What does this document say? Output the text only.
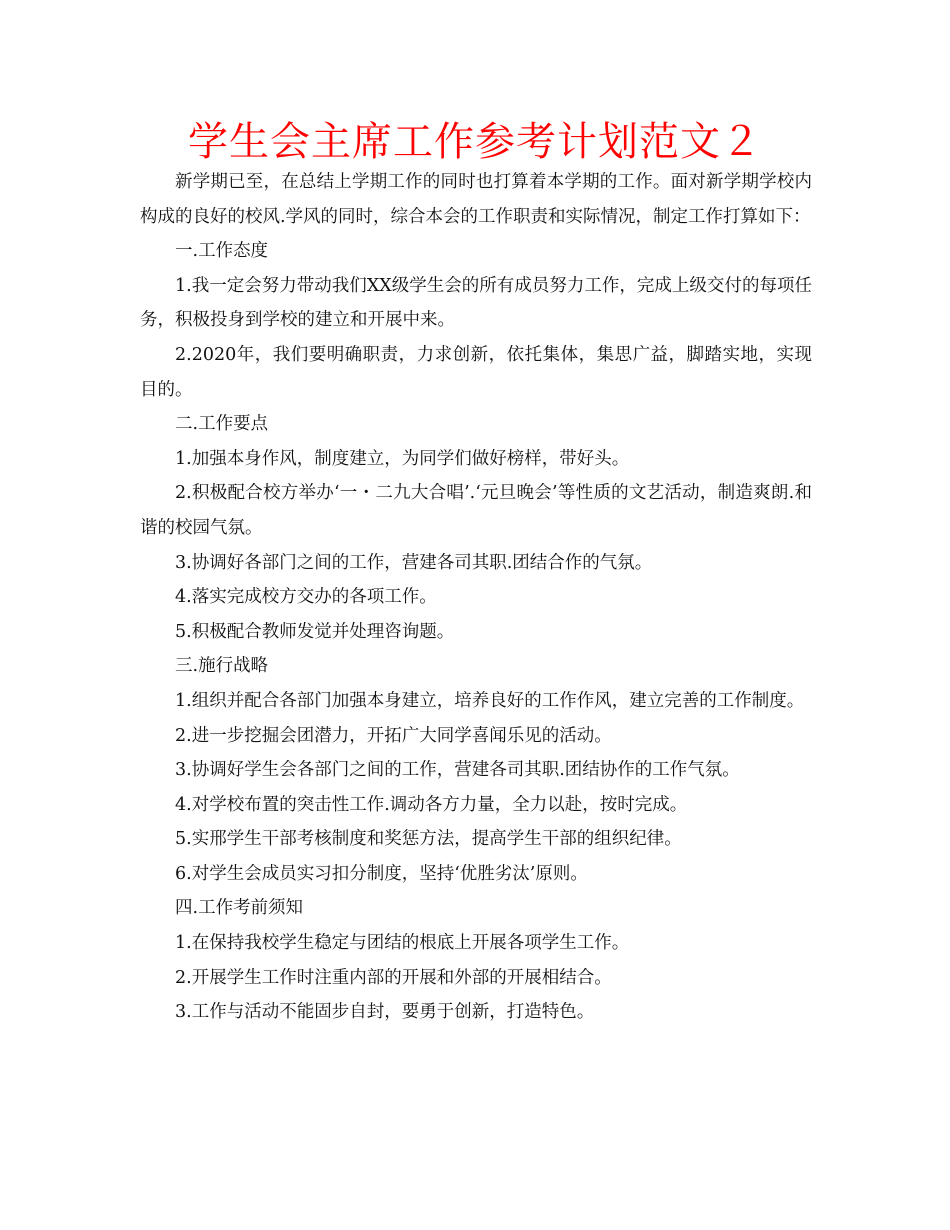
学生会主席工作参考计划范文２

新学期已至，在总结上学期工作的同时也打算着本学期的工作。面对新学期学校内构成的良好的校风.学风的同时，综合本会的工作职责和实际情况，制定工作打算如下：

一.工作态度

1.我一定会努力带动我们XX级学生会的所有成员努力工作，完成上级交付的每项任务，积极投身到学校的建立和开展中来。

2.2020年，我们要明确职责，力求创新，依托集体，集思广益，脚踏实地，实现目的。

二.工作要点

1.加强本身作风，制度建立，为同学们做好榜样，带好头。

2.积极配合校方举办‘一・二九大合唱’.‘元旦晚会’等性质的文艺活动，制造爽朗.和谐的校园气氛。

3.协调好各部门之间的工作，营建各司其职.团结合作的气氛。

4.落实完成校方交办的各项工作。

5.积极配合教师发觉并处理咨询题。

三.施行战略

1.组织并配合各部门加强本身建立，培养良好的工作作风，建立完善的工作制度。

2.进一步挖掘会团潜力，开拓广大同学喜闻乐见的活动。

3.协调好学生会各部门之间的工作，营建各司其职.团结协作的工作气氛。

4.对学校布置的突击性工作.调动各方力量，全力以赴，按时完成。

5.实邢学生干部考核制度和奖惩方法，提高学生干部的组织纪律。

6.对学生会成员实习扣分制度，坚持‘优胜劣汰’原则。

四.工作考前须知

1.在保持我校学生稳定与团结的根底上开展各项学生工作。

2.开展学生工作时注重内部的开展和外部的开展相结合。

3.工作与活动不能固步自封，要勇于创新，打造特色。
